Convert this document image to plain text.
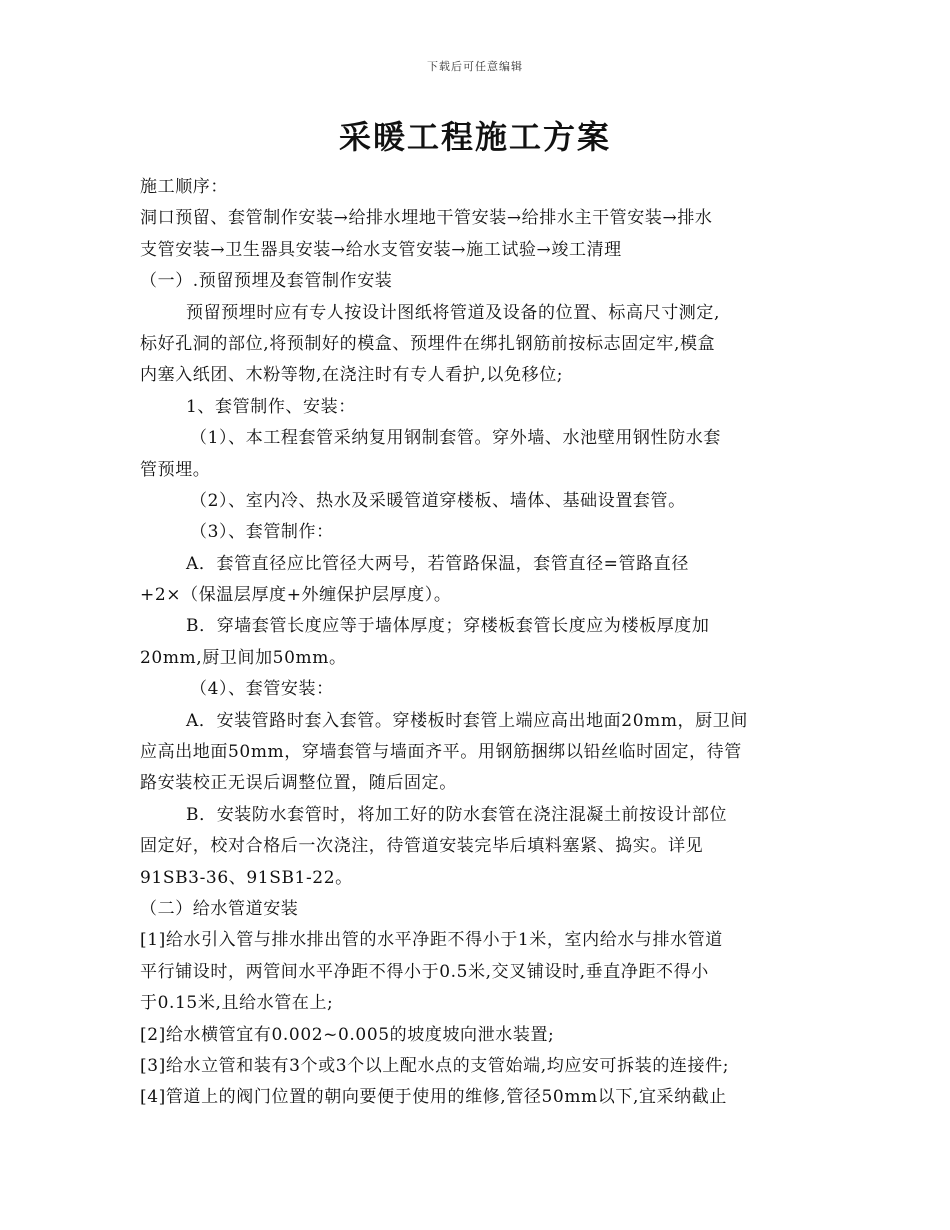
下载后可任意编辑
采暖工程施工方案
施工顺序：
洞口预留、套管制作安装→给排水埋地干管安装→给排水主干管安装→排水
支管安装→卫生器具安装→给水支管安装→施工试验→竣工清理
（一）.预留预埋及套管制作安装
预留预埋时应有专人按设计图纸将管道及设备的位置、标高尺寸测定,
标好孔洞的部位,将预制好的模盒、预埋件在绑扎钢筋前按标志固定牢,模盒
内塞入纸团、木粉等物,在浇注时有专人看护,以免移位;
1、套管制作、安装：
（1）、本工程套管采纳复用钢制套管。穿外墙、水池壁用钢性防水套
管预埋。
（2）、室内冷、热水及采暖管道穿楼板、墙体、基础设置套管。
（3）、套管制作：
A．套管直径应比管径大两号，若管路保温，套管直径=管路直径
+2×（保温层厚度+外缠保护层厚度）。
B．穿墙套管长度应等于墙体厚度；穿楼板套管长度应为楼板厚度加
20mm,厨卫间加50mm。
（4）、套管安装：
A．安装管路时套入套管。穿楼板时套管上端应高出地面20mm，厨卫间
应高出地面50mm，穿墙套管与墙面齐平。用钢筋捆绑以铅丝临时固定，待管
路安装校正无误后调整位置，随后固定。
B．安装防水套管时，将加工好的防水套管在浇注混凝土前按设计部位
固定好，校对合格后一次浇注，待管道安装完毕后填料塞紧、捣实。详见
91SB3-36、91SB1-22。
（二）给水管道安装
[1]给水引入管与排水排出管的水平净距不得小于1米，室内给水与排水管道
平行铺设时，两管间水平净距不得小于0.5米,交叉铺设时,垂直净距不得小
于0.15米,且给水管在上;
[2]给水横管宜有0.002~0.005的坡度坡向泄水装置;
[3]给水立管和装有3个或3个以上配水点的支管始端,均应安可拆装的连接件;
[4]管道上的阀门位置的朝向要便于使用的维修,管径50mm以下,宜采纳截止
